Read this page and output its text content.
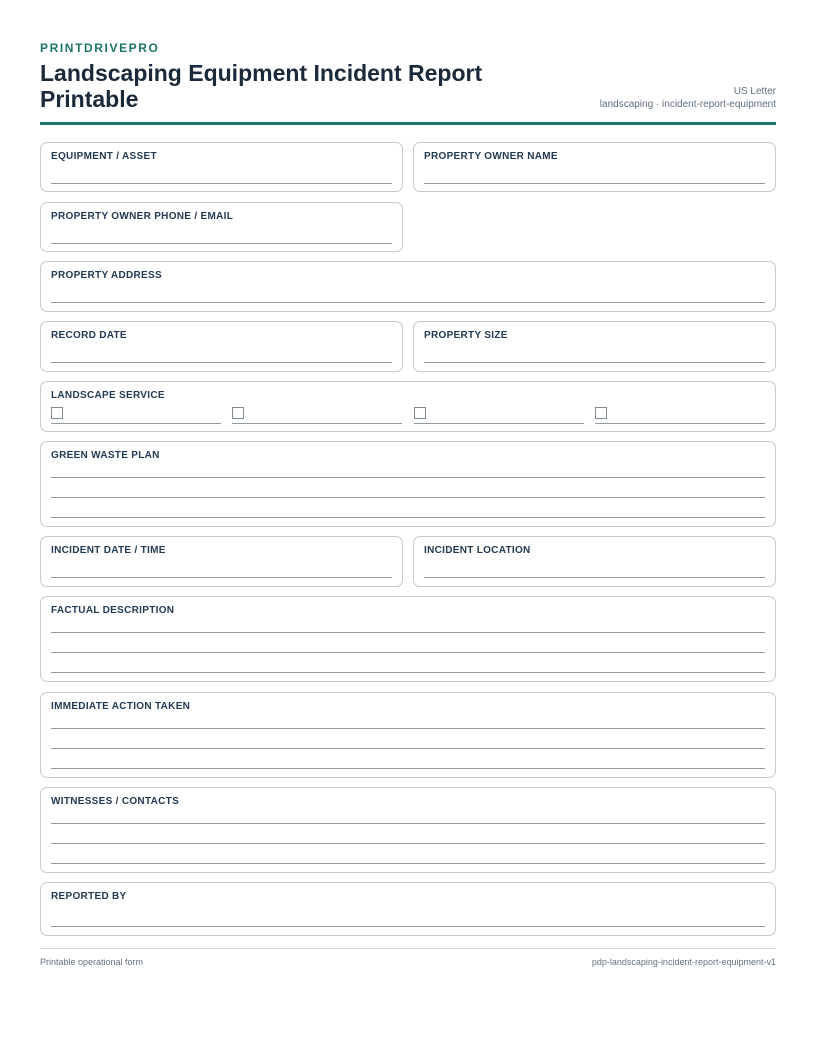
PRINTDRIVEPRO
Landscaping Equipment Incident Report Printable	US Letter
landscaping · incident-report-equipment
EQUIPMENT / ASSET	PROPERTY OWNER NAME
PROPERTY OWNER PHONE / EMAIL
PROPERTY ADDRESS
RECORD DATE	PROPERTY SIZE
LANDSCAPE SERVICE
GREEN WASTE PLAN
INCIDENT DATE / TIME	INCIDENT LOCATION
FACTUAL DESCRIPTION
IMMEDIATE ACTION TAKEN
WITNESSES / CONTACTS
REPORTED BY
Printable operational form	pdp-landscaping-incident-report-equipment-v1
